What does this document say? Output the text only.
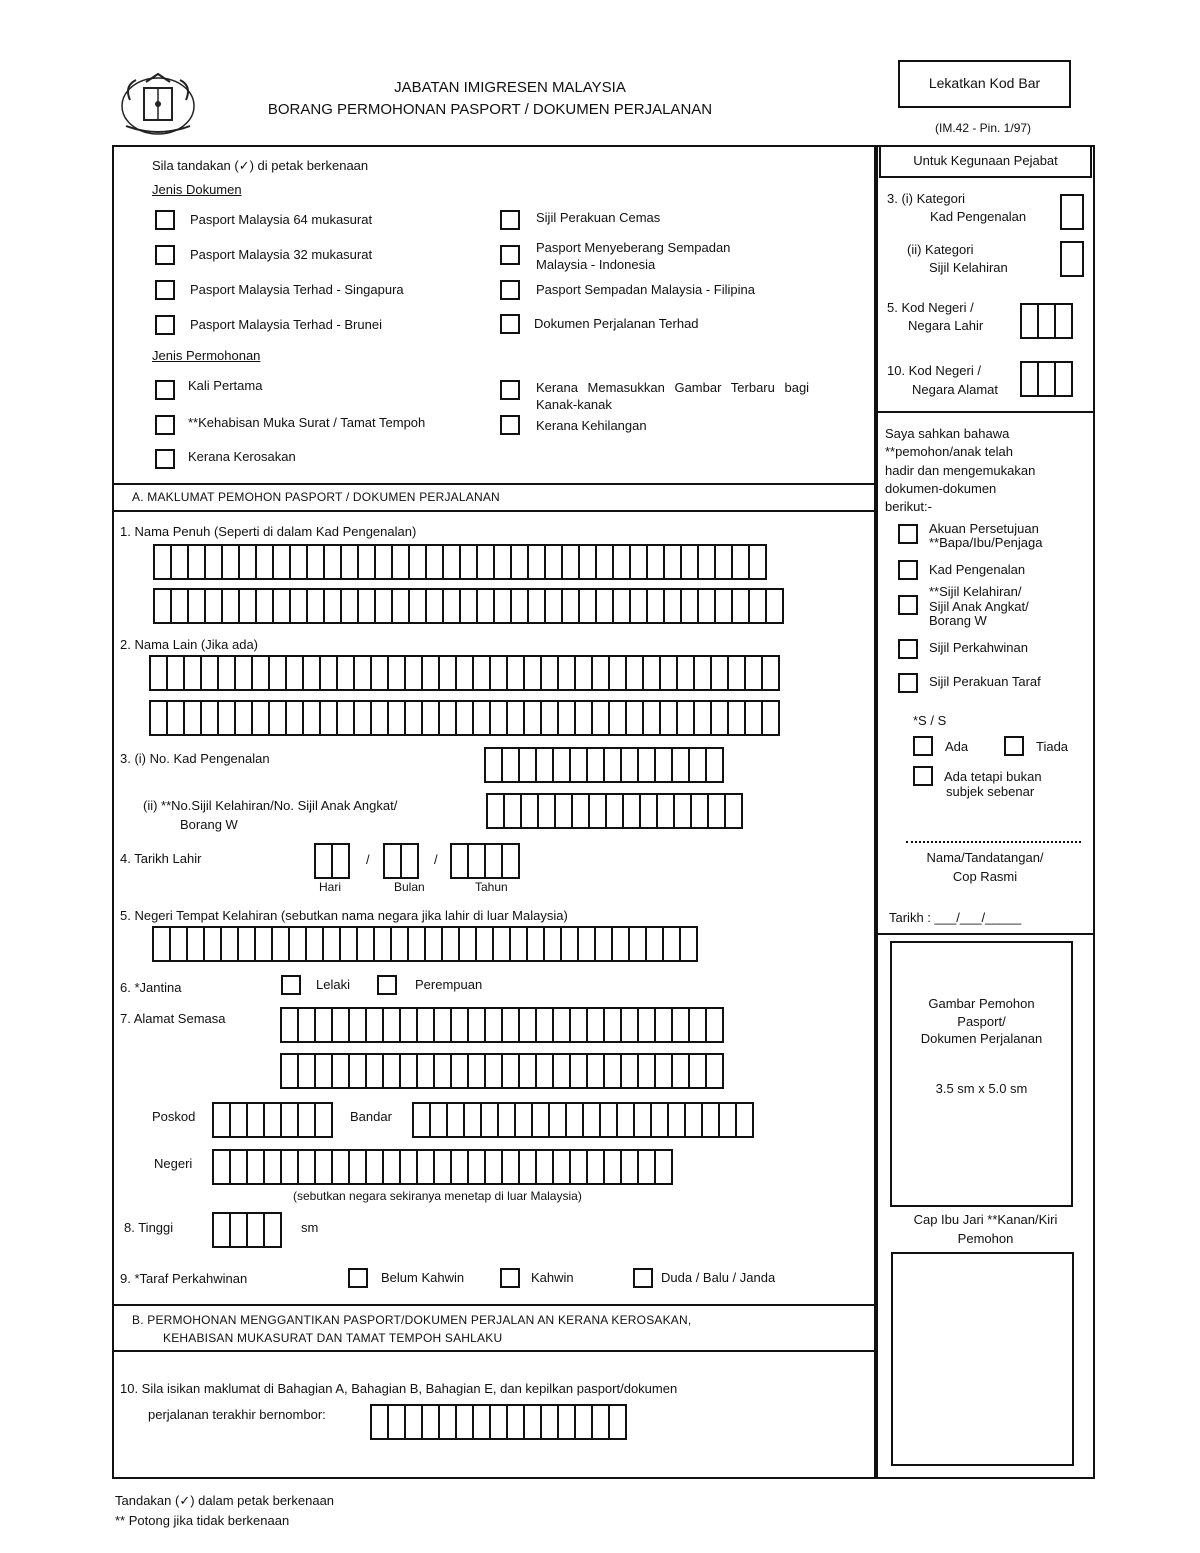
JABATAN IMIGRESEN MALAYSIA
BORANG PERMOHONAN PASPORT / DOKUMEN PERJALANAN
Lekatkan Kod Bar
(IM.42 - Pin. 1/97)
Sila tandakan (✓) di petak berkenaan
Jenis Dokumen
Pasport Malaysia 64 mukasurat
Pasport Malaysia 32 mukasurat
Pasport Malaysia Terhad - Singapura
Pasport Malaysia Terhad - Brunei
Sijil Perakuan Cemas
Pasport Menyeberang Sempadan
Malaysia - Indonesia
Pasport Sempadan Malaysia - Filipina
Dokumen Perjalanan Terhad
Jenis Permohonan
Kali Pertama
**Kehabisan Muka Surat / Tamat Tempoh
Kerana Kerosakan
Kerana Memasukkan Gambar Terbaru bagi
Kanak-kanak
Kerana Kehilangan
A. MAKLUMAT PEMOHON PASPORT / DOKUMEN PERJALANAN
1. Nama Penuh (Seperti di dalam Kad Pengenalan)
2. Nama Lain (Jika ada)
3. (i) No. Kad Pengenalan
(ii) **No.Sijil Kelahiran/No. Sijil Anak Angkat/
Borang W
4. Tarikh Lahir	/	/
Hari	Bulan	Tahun
5. Negeri Tempat Kelahiran (sebutkan nama negara jika lahir di luar Malaysia)
6. *Jantina	Lelaki	Perempuan
7. Alamat Semasa
Poskod	Bandar
Negeri
(sebutkan negara sekiranya menetap di luar Malaysia)
8. Tinggi	sm
9. *Taraf Perkahwinan	Belum Kahwin	Kahwin	Duda / Balu / Janda
B. PERMOHONAN MENGGANTIKAN PASPORT/DOKUMEN PERJALAN AN KERANA KEROSAKAN,
KEHABISAN MUKASURAT DAN TAMAT TEMPOH SAHLAKU
10. Sila isikan maklumat di Bahagian A, Bahagian B, Bahagian E, dan kepilkan pasport/dokumen
perjalanan terakhir bernombor:
Untuk Kegunaan Pejabat
3. (i) Kategori
Kad Pengenalan
(ii) Kategori
Sijil Kelahiran
5. Kod Negeri /
Negara Lahir
10. Kod Negeri /
Negara Alamat
Saya sahkan bahawa
**pemohon/anak telah
hadir dan mengemukakan
dokumen-dokumen
berikut:-
Akuan Persetujuan
**Bapa/Ibu/Penjaga
Kad Pengenalan
**Sijil Kelahiran/
Sijil Anak Angkat/
Borang W
Sijil Perkahwinan
Sijil Perakuan Taraf
*S / S
Ada	Tiada
Ada tetapi bukan
subjek sebenar
Nama/Tandatangan/
Cop Rasmi
Tarikh : ___/___/_____
Gambar Pemohon
Pasport/
Dokumen Perjalanan
3.5 sm x 5.0 sm
Cap Ibu Jari **Kanan/Kiri
Pemohon
Tandakan (✓) dalam petak berkenaan
** Potong jika tidak berkenaan
